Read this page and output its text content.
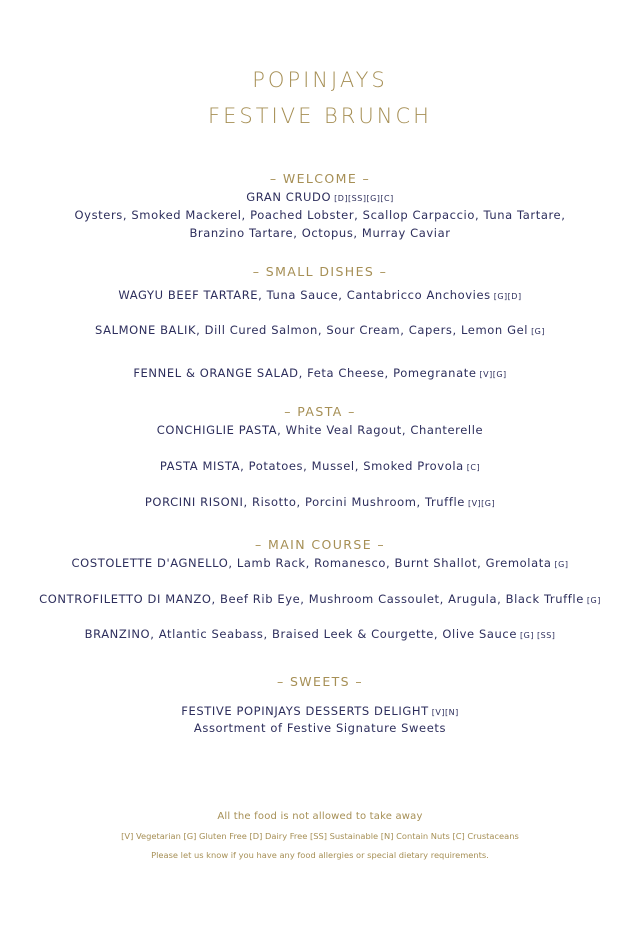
POPINJAYS
FESTIVE BRUNCH
– WELCOME –
GRAN CRUDO [D][SS][G][C]
Oysters, Smoked Mackerel, Poached Lobster, Scallop Carpaccio, Tuna Tartare,
Branzino Tartare, Octopus, Murray Caviar
– SMALL DISHES –
WAGYU BEEF TARTARE, Tuna Sauce, Cantabricco Anchovies [G][D]
SALMONE BALIK, Dill Cured Salmon, Sour Cream, Capers, Lemon Gel [G]
FENNEL & ORANGE SALAD, Feta Cheese, Pomegranate [V][G]
– PASTA –
CONCHIGLIE PASTA, White Veal Ragout, Chanterelle
PASTA MISTA, Potatoes, Mussel, Smoked Provola [C]
PORCINI RISONI, Risotto, Porcini Mushroom, Truffle [V][G]
– MAIN COURSE –
COSTOLETTE D'AGNELLO, Lamb Rack, Romanesco, Burnt Shallot, Gremolata [G]
CONTROFILETTO DI MANZO, Beef Rib Eye, Mushroom Cassoulet, Arugula, Black Truffle [G]
BRANZINO, Atlantic Seabass, Braised Leek & Courgette, Olive Sauce [G] [SS]
– SWEETS –
FESTIVE POPINJAYS DESSERTS DELIGHT [V][N]
Assortment of Festive Signature Sweets
All the food is not allowed to take away
[V] Vegetarian [G] Gluten Free [D] Dairy Free [SS] Sustainable [N] Contain Nuts [C] Crustaceans
Please let us know if you have any food allergies or special dietary requirements.
